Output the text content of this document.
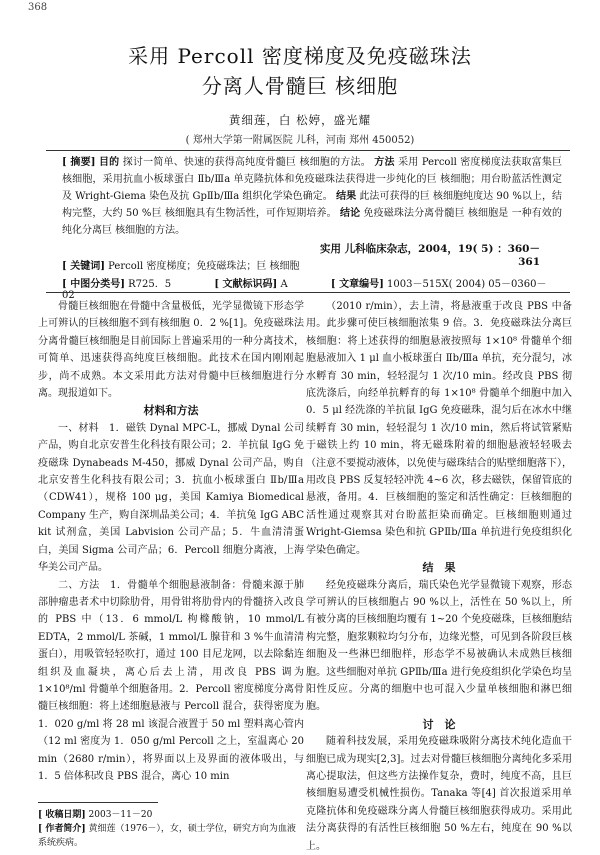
368
采用 Percoll 密度梯度及免疫磁珠法
分离人骨髓巨 核细胞
黄细莲，白 松婷，盛光耀
( 郑州大学第一附属医院 儿科，河南 郑州 450052)
[ 摘要] 目的 探讨一简单、快速的获得高纯度骨髓巨 核细胞的方法。 方法 采用 Percoll 密度梯度法获取富集巨 核细胞，采用抗血小板球蛋白 Ⅱb/Ⅲa 单克隆抗体和免疫磁珠法获得进一步纯化的巨 核细胞；用台盼蓝活性测定及 Wright-Giema 染色及抗 GpⅡb/Ⅲa 组织化学染色确定。 结果 此法可获得的巨 核细胞纯度达 90 %以上，结构完整，大约 50 %巨 核细胞具有生物活性，可作短期培养。 结论 免疫磁珠法分离骨髓巨 核细胞是 一种有效的纯化分离巨 核细胞的方法。
实用 儿科临床杂志，2004，19( 5) ：360－361
[ 关键词] Percoll 密度梯度；免疫磁珠法；巨 核细胞
[ 中图分类号] R725．5	[ 文献标识码] A	[ 文章编号] 1003－515X( 2004) 05－0360－02

骨髓巨核细胞在骨髓中含量极低，光学显微镜下形态学上可辨认的巨核细胞不到有核细胞 0．2 %[1]。免疫磁珠法分离骨髓巨核细胞是目前国际上普遍采用的一种分离技术，可简单、迅速获得高纯度巨核细胞。此技术在国内刚刚起步，尚不成熟。本文采用此方法对骨髓中巨核细胞进行分离。现报道如下。

材料和方法

一、材料　1．磁铁 Dynal MPC-L，挪威 Dynal 公司产品，购自北京安普生化科技有限公司；2．羊抗鼠 IgG 免疫磁珠 Dynabeads M-450，挪威 Dynal 公司产品，购自北京安普生化科技有限公司；3．抗血小板球蛋白 Ⅱb/Ⅲa（CDW41），规格 100 μg，美国 Kamiya Biomedical Company 生产，购自深圳晶美公司；4．羊抗兔 IgG ABC kit 试剂盒，美国 Labvision 公司产品；5．牛血清清蛋白，美国 Sigma 公司产品；6．Percoll 细胞分离液，上海华美公司产品。

二、方法　1．骨髓单个细胞悬液制备：骨髓来源于肺部肿瘤患者术中切除肋骨，用骨钳将肋骨内的骨髓挤入改良的 PBS 中（13．6 mmol/L 枸橼酸钠，10 mmol/L EDTA，2 mmol/L 茶碱，1 mmol/L 腺苷和 3 %牛血清清蛋白），用吸管轻轻吹打，通过 100 目尼龙网，以去除黏连组织及血凝块，离心后去上清，用改良 PBS 调为 1×10⁸/ml 骨髓单个细胞备用。2．Percoll 密度梯度分离骨髓巨核细胞：将上述细胞悬液与 Percoll 混合，获得密度为 1．020 g/ml 将 28 ml 该混合液置于 50 ml 塑料离心管内（12 ml 密度为 1．050 g/ml Percoll 之上，室温离心 20 min（2680 r/min），将界面以上及界面的液体吸出，与 1．5 倍体积改良 PBS 混合，离心 10 min

（2010 r/min），去上清，将悬液重于改良 PBS 中备用。此步骤可使巨核细胞浓集 9 倍。3．免疫磁珠法分离巨核细胞：将上述获得的细胞悬液按照每 1×10⁸ 骨髓单个细胞悬液加入 1 μl 血小板球蛋白 Ⅱb/Ⅲa 单抗，充分混匀，冰水孵育 30 min，轻轻混匀 1 次/10 min。经改良 PBS 彻底洗涤后，向经单抗孵育的每 1×10⁸ 骨髓单个细胞中加入 0．5 μl 经洗涤的羊抗鼠 IgG 免疫磁珠，混匀后在冰水中继续孵育 30 min，轻轻混匀 1 次/10 min，然后将试管紧贴于磁铁上约 10 min，将无磁珠附着的细胞悬液轻轻吸去（注意不要搅动液体，以免使与磁珠结合的贴壁细胞落下），用改良 PBS 反复轻轻冲洗 4~6 次，移去磁铁，保留管底的悬液，备用。4．巨核细胞的鉴定和活性确定：巨核细胞的活性通过观察其对台盼蓝拒染而确定。巨核细胞则通过 Wright-Giemsa 染色和抗 GPⅡb/Ⅲa 单抗进行免疫组织化学染色确定。

结　果

经免疫磁珠分离后，瑞氏染色光学显微镜下观察，形态学可辨认的巨核细胞占 90 %以上，活性在 50 %以上，所有被分离的巨核细胞均覆有 1~20 个免疫磁珠，巨核细胞结构完整，胞浆颗粒均匀分布，边缘光整，可见到各阶段巨核细胞及一些淋巴细胞样，形态学不易被确认未成熟巨核细胞。这些细胞对单抗 GPⅡb/Ⅲa 进行免疫组织化学染色均呈阳性反应。分离的细胞中也可混入少量单核细胞和淋巴细胞。

讨　论

随着科技发展，采用免疫磁珠吸附分离技术纯化造血干细胞已成为现实[2,3]。过去对骨髓巨核细胞分离纯化多采用离心提取法，但这些方法操作复杂，费时，纯度不高，且巨核细胞易遭受机械性损伤。Tanaka 等[4] 首次报道采用单克隆抗体和免疫磁珠分离人骨髓巨核细胞获得成功。采用此法分离获得的有活性巨核细胞 50 %左右，纯度在 90 %以上。

[ 收稿日期] 2003－11－20
[ 作者简介] 黄细莲（1976－），女，硕士学位，研究方向为血液系统疾病。
